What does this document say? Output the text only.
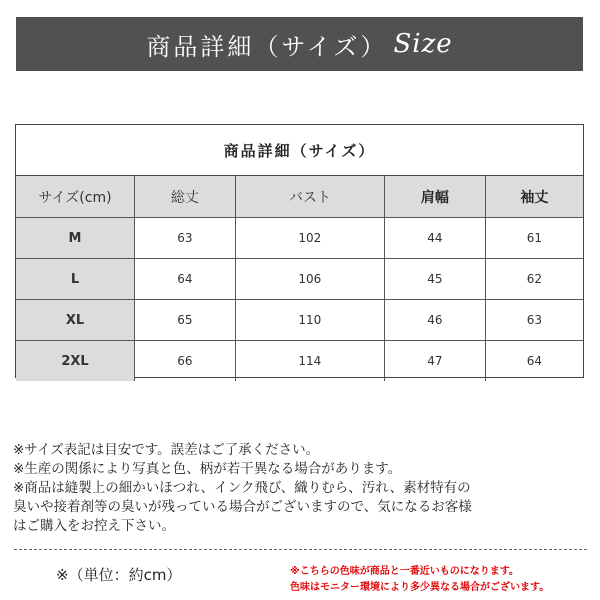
商品詳細（サイズ） Size
商品詳細（サイズ）
サイズ(cm)	総丈	バスト	肩幅	袖丈
M	63	102	44	61
L	64	106	45	62
XL	65	110	46	63
2XL	66	114	47	64
※サイズ表記は目安です。誤差はご了承ください。
※生産の関係により写真と色、柄が若干異なる場合があります。
※商品は縫製上の細かいほつれ、インク飛び、織りむら、汚れ、素材特有の
臭いや接着剤等の臭いが残っている場合がございますので、気になるお客様
はご購入をお控え下さい。
※（単位：約cm）	※こちらの色味が商品と一番近いものになります。
色味はモニター環境により多少異なる場合がございます。
